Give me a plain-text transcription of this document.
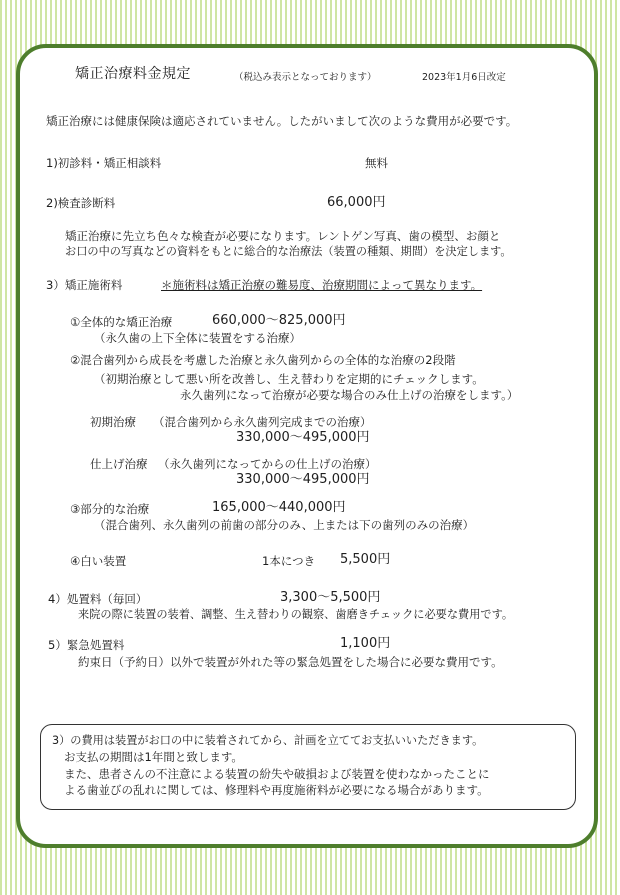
矯正治療料金規定	（税込み表示となっております）	2023年1月6日改定
矯正治療には健康保険は適応されていません。したがいまして次のような費用が必要です。
1)初診料・矯正相談料	無料
2)検査診断料	66,000円
矯正治療に先立ち色々な検査が必要になります。レントゲン写真、歯の模型、お顔と
お口の中の写真などの資料をもとに総合的な治療法（装置の種類、期間）を決定します。
3）矯正施術料	＊施術料は矯正治療の難易度、治療期間によって異なります。
①全体的な矯正治療	660,000～825,000円
（永久歯の上下全体に装置をする治療）
②混合歯列から成長を考慮した治療と永久歯列からの全体的な治療の2段階
（初期治療として悪い所を改善し、生え替わりを定期的にチェックします。
永久歯列になって治療が必要な場合のみ仕上げの治療をします。）
初期治療 （混合歯列から永久歯列完成までの治療）
330,000～495,000円
仕上げ治療 （永久歯列になってからの仕上げの治療）
330,000～495,000円
③部分的な治療	165,000～440,000円
（混合歯列、永久歯列の前歯の部分のみ、上または下の歯列のみの治療）
④白い装置	1本につき 5,500円
4）処置料（毎回）	3,300～5,500円
来院の際に装置の装着、調整、生え替わりの観察、歯磨きチェックに必要な費用です。
5）緊急処置料	1,100円
約束日（予約日）以外で装置が外れた等の緊急処置をした場合に必要な費用です。
3）の費用は装置がお口の中に装着されてから、計画を立ててお支払いいただきます。
お支払の期間は1年間と致します。
また、患者さんの不注意による装置の紛失や破損および装置を使わなかったことに
よる歯並びの乱れに関しては、修理料や再度施術料が必要になる場合があります。
